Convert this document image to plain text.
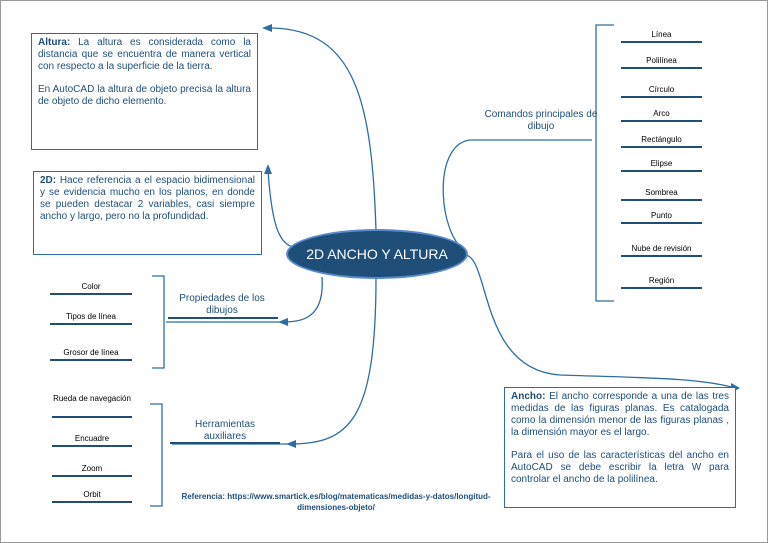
Altura: La altura es considerada como la distancia que se encuentra de manera vertical con respecto a la superficie de la tierra.

En AutoCAD la altura de objeto precisa la altura de objeto de dicho elemento.

2D: Hace referencia a el espacio bidimensional y se evidencia mucho en los planos, en donde se pueden destacar 2 variables, casi siempre ancho y largo, pero no la profundidad.

Ancho: El ancho corresponde a una de las tres medidas de las figuras planas. Es catalogada como la dimensión menor de las figuras planas , la dimensión mayor es el largo.

Para el uso de las características del ancho en AutoCAD se debe escribir la letra W para controlar el ancho de la polilínea.

2D ANCHO Y ALTURA
Comandos principales de dibujo
Línea
Polilínea
Círculo
Arco
Rectángulo
Elipse
Sombrea
Punto
Nube de revisión
Región
Propiedades de los dibujos
Color
Tipos de línea
Grosor de línea
Herramientas auxiliares
Rueda de navegación
Encuadre
Zoom
Orbit	Referencia: https://www.smartick.es/blog/matematicas/medidas-y-datos/longitud-dimensiones-objeto/
